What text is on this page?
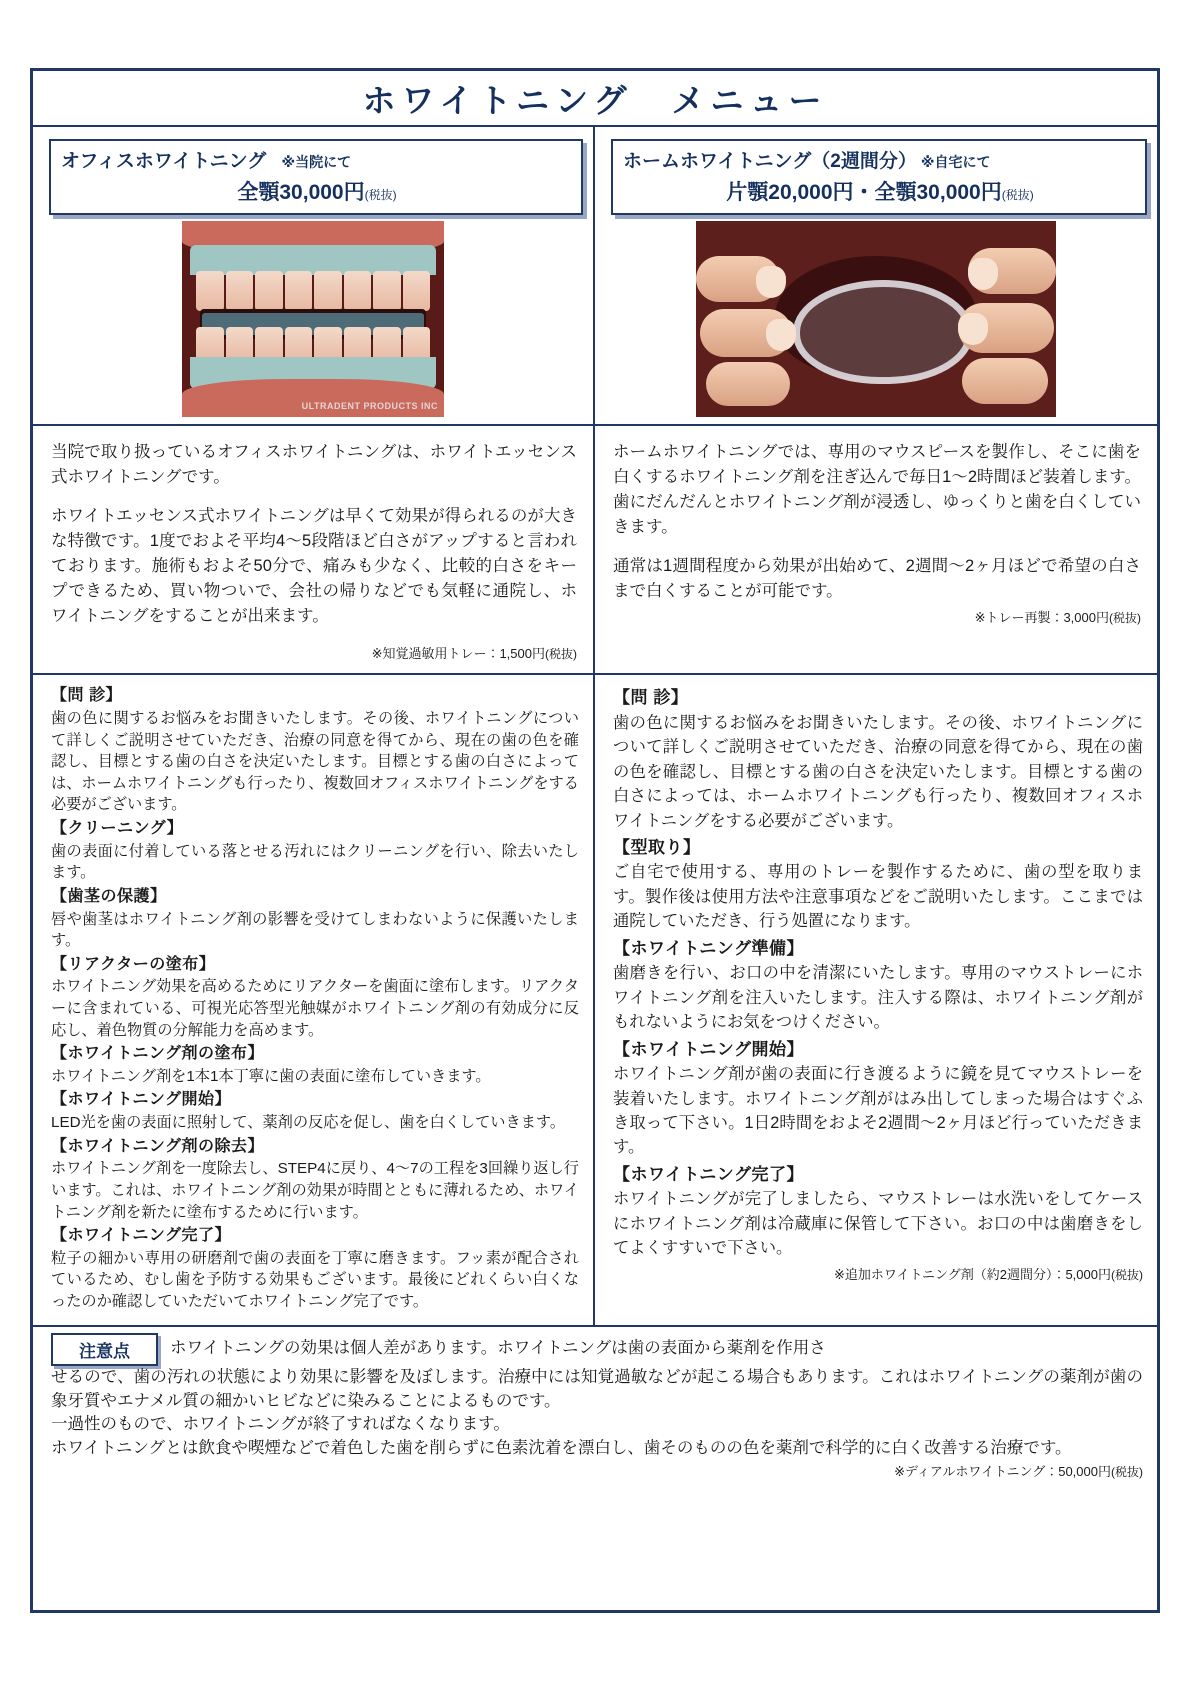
ホワイトニング　メニュー
オフィスホワイトニング ※当院にて
全顎30,000円(税抜)
ホームホワイトニング（2週間分） ※自宅にて
片顎20,000円・全顎30,000円(税抜)
ULTRADENT PRODUCTS INC

当院で取り扱っているオフィスホワイトニングは、ホワイトエッセンス式ホワイトニングです。

ホワイトエッセンス式ホワイトニングは早くて効果が得られるのが大きな特徴です。1度でおよそ平均4～5段階ほど白さがアップすると言われております。施術もおよそ50分で、痛みも少なく、比較的白さをキープできるため、買い物ついで、会社の帰りなどでも気軽に通院し、ホワイトニングをすることが出来ます。

※知覚過敏用トレー：1,500円(税抜)

ホームホワイトニングでは、専用のマウスピースを製作し、そこに歯を白くするホワイトニング剤を注ぎ込んで毎日1～2時間ほど装着します。歯にだんだんとホワイトニング剤が浸透し、ゆっくりと歯を白くしていきます。

通常は1週間程度から効果が出始めて、2週間～2ヶ月ほどで希望の白さまで白くすることが可能です。

※トレー再製：3,000円(税抜)
【問 診】

歯の色に関するお悩みをお聞きいたします。その後、ホワイトニングについて詳しくご説明させていただき、治療の同意を得てから、現在の歯の色を確認し、目標とする歯の白さを決定いたします。目標とする歯の白さによっては、ホームホワイトニングも行ったり、複数回オフィスホワイトニングをする必要がございます。

【クリーニング】

歯の表面に付着している落とせる汚れにはクリーニングを行い、除去いたします。

【歯茎の保護】

唇や歯茎はホワイトニング剤の影響を受けてしまわないように保護いたします。

【リアクターの塗布】

ホワイトニング効果を高めるためにリアクターを歯面に塗布します。リアクターに含まれている、可視光応答型光触媒がホワイトニング剤の有効成分に反応し、着色物質の分解能力を高めます。

【ホワイトニング剤の塗布】

ホワイトニング剤を1本1本丁寧に歯の表面に塗布していきます。

【ホワイトニング開始】

LED光を歯の表面に照射して、薬剤の反応を促し、歯を白くしていきます。

【ホワイトニング剤の除去】

ホワイトニング剤を一度除去し、STEP4に戻り、4～7の工程を3回繰り返し行います。これは、ホワイトニング剤の効果が時間とともに薄れるため、ホワイトニング剤を新たに塗布するために行います。

【ホワイトニング完了】

粒子の細かい専用の研磨剤で歯の表面を丁寧に磨きます。フッ素が配合されているため、むし歯を予防する効果もございます。最後にどれくらい白くなったのか確認していただいてホワイトニング完了です。

【問 診】

歯の色に関するお悩みをお聞きいたします。その後、ホワイトニングについて詳しくご説明させていただき、治療の同意を得てから、現在の歯の色を確認し、目標とする歯の白さを決定いたします。目標とする歯の白さによっては、ホームホワイトニングも行ったり、複数回オフィスホワイトニングをする必要がございます。

【型取り】

ご自宅で使用する、専用のトレーを製作するために、歯の型を取ります。製作後は使用方法や注意事項などをご説明いたします。ここまでは通院していただき、行う処置になります。

【ホワイトニング準備】

歯磨きを行い、お口の中を清潔にいたします。専用のマウストレーにホワイトニング剤を注入いたします。注入する際は、ホワイトニング剤がもれないようにお気をつけください。

【ホワイトニング開始】

ホワイトニング剤が歯の表面に行き渡るように鏡を見てマウストレーを装着いたします。ホワイトニング剤がはみ出してしまった場合はすぐふき取って下さい。1日2時間をおよそ2週間～2ヶ月ほど行っていただきます。

【ホワイトニング完了】

ホワイトニングが完了しましたら、マウストレーは水洗いをしてケースにホワイトニング剤は冷蔵庫に保管して下さい。お口の中は歯磨きをしてよくすすいで下さい。

※追加ホワイトニング剤（約2週間分）：5,000円(税抜)
注意点	ホワイトニングの効果は個人差があります。ホワイトニングは歯の表面から薬剤を作用さ

せるので、歯の汚れの状態により効果に影響を及ぼします。治療中には知覚過敏などが起こる場合もあります。これはホワイトニングの薬剤が歯の象牙質やエナメル質の細かいヒビなどに染みることによるものです。

一過性のもので、ホワイトニングが終了すればなくなります。

ホワイトニングとは飲食や喫煙などで着色した歯を削らずに色素沈着を漂白し、歯そのものの色を薬剤で科学的に白く改善する治療です。

※ディアルホワイトニング：50,000円(税抜)
